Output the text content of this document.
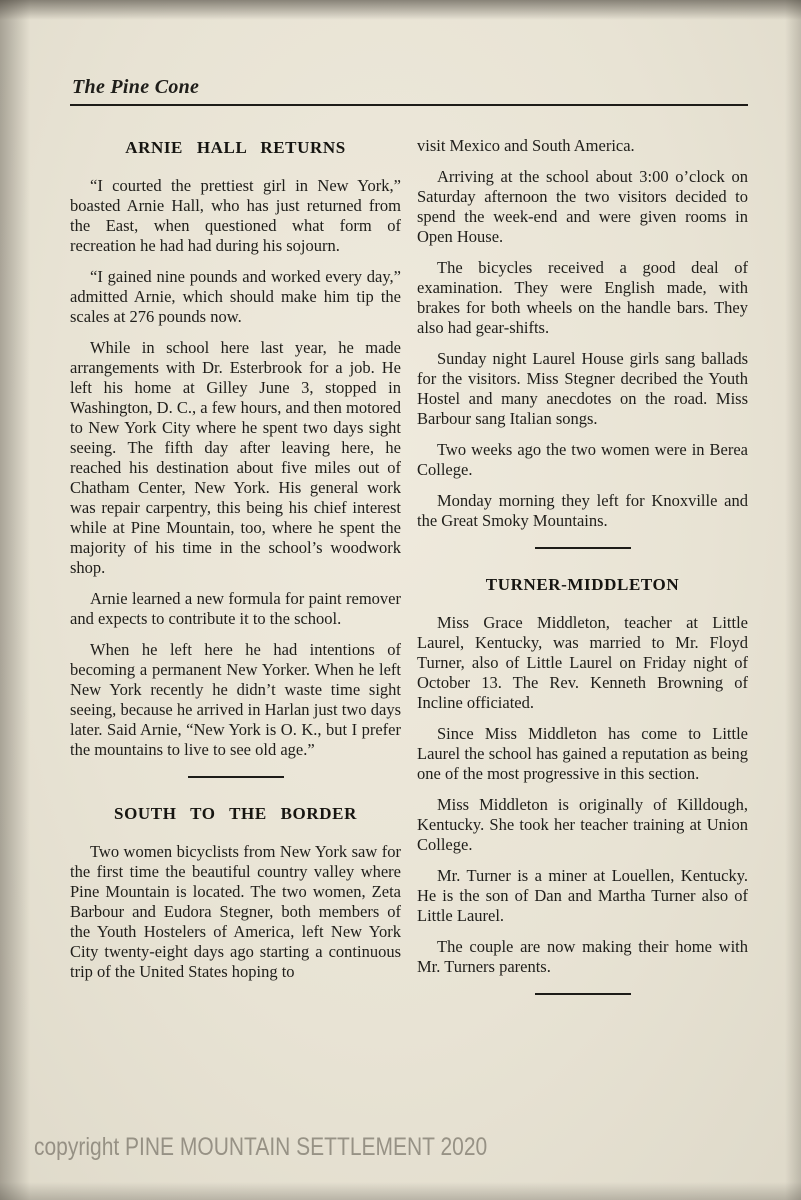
The Pine Cone
ARNIE HALL RETURNS

“I courted the prettiest girl in New York,” boasted Arnie Hall, who has just returned from the East, when questioned what form of recreation he had had during his sojourn.

“I gained nine pounds and worked every day,” admitted Arnie, which should make him tip the scales at 276 pounds now.

While in school here last year, he made arrangements with Dr. Esterbrook for a job. He left his home at Gilley June 3, stopped in Washington, D. C., a few hours, and then motored to New York City where he spent two days sight seeing. The fifth day after leaving here, he reached his destination about five miles out of Chatham Center, New York. His general work was repair carpentry, this being his chief interest while at Pine Mountain, too, where he spent the majority of his time in the school’s woodwork shop.

Arnie learned a new formula for paint remover and expects to contribute it to the school.

When he left here he had intentions of becoming a permanent New Yorker. When he left New York recently he didn’t waste time sight seeing, because he arrived in Harlan just two days later. Said Arnie, “New York is O. K., but I prefer the mountains to live to see old age.”

SOUTH TO THE BORDER

Two women bicyclists from New York saw for the first time the beautiful country valley where Pine Mountain is located. The two women, Zeta Barbour and Eudora Stegner, both members of the Youth Hostelers of America, left New York City twenty-eight days ago starting a continuous trip of the United States hoping to

visit Mexico and South America.

Arriving at the school about 3:00 o’clock on Saturday afternoon the two visitors decided to spend the week-end and were given rooms in Open House.

The bicycles received a good deal of examination. They were English made, with brakes for both wheels on the handle bars. They also had gear-shifts.

Sunday night Laurel House girls sang ballads for the visitors. Miss Stegner decribed the Youth Hostel and many anecdotes on the road. Miss Barbour sang Italian songs.

Two weeks ago the two women were in Berea College.

Monday morning they left for Knoxville and the Great Smoky Mountains.

TURNER-MIDDLETON

Miss Grace Middleton, teacher at Little Laurel, Kentucky, was married to Mr. Floyd Turner, also of Little Laurel on Friday night of October 13. The Rev. Kenneth Browning of Incline officiated.

Since Miss Middleton has come to Little Laurel the school has gained a reputation as being one of the most progressive in this section.

Miss Middleton is originally of Killdough, Kentucky. She took her teacher training at Union College.

Mr. Turner is a miner at Louellen, Kentucky. He is the son of Dan and Martha Turner also of Little Laurel.

The couple are now making their home with Mr. Turners parents.

copyright PINE MOUNTAIN SETTLEMENT 2020
